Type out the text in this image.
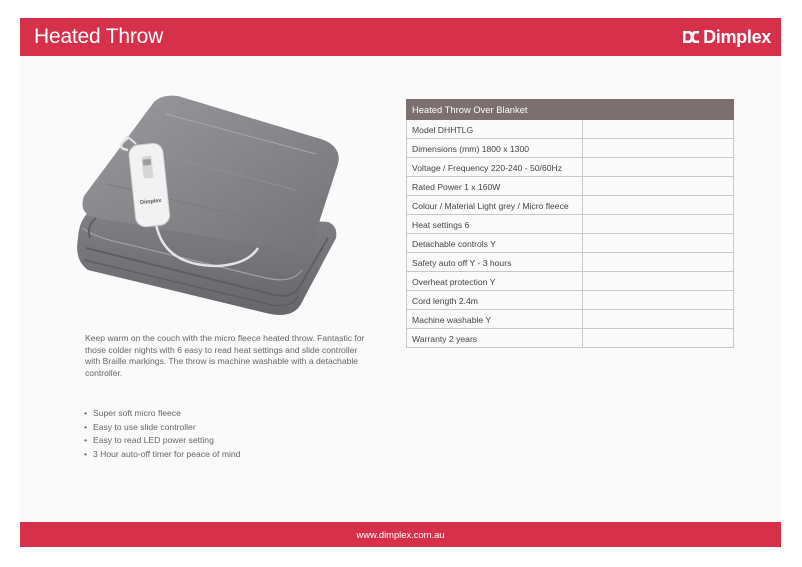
Heated Throw	Dimplex
Dimplex
Keep warm on the couch with the micro fleece heated throw. Fantastic for those colder nights with 6 easy to read heat settings and slide controller with Braille markings. The throw is machine washable with a detachable controller.
• Super soft micro fleece
• Easy to use slide controller
• Easy to read LED power setting
• 3 Hour auto-off timer for peace of mind
Heated Throw Over Blanket	

Model DHHTLG	

Dimensions (mm) 1800 x 1300	

Voltage / Frequency 220-240 - 50/60Hz	

Rated Power 1 x 160W	

Colour / Material Light grey / Micro fleece	

Heat settings 6	

Detachable controls Y	

Safety auto off Y - 3 hours	

Overheat protection Y	

Cord length 2.4m	

Machine washable Y	

Warranty 2 years	

www.dimplex.com.au
